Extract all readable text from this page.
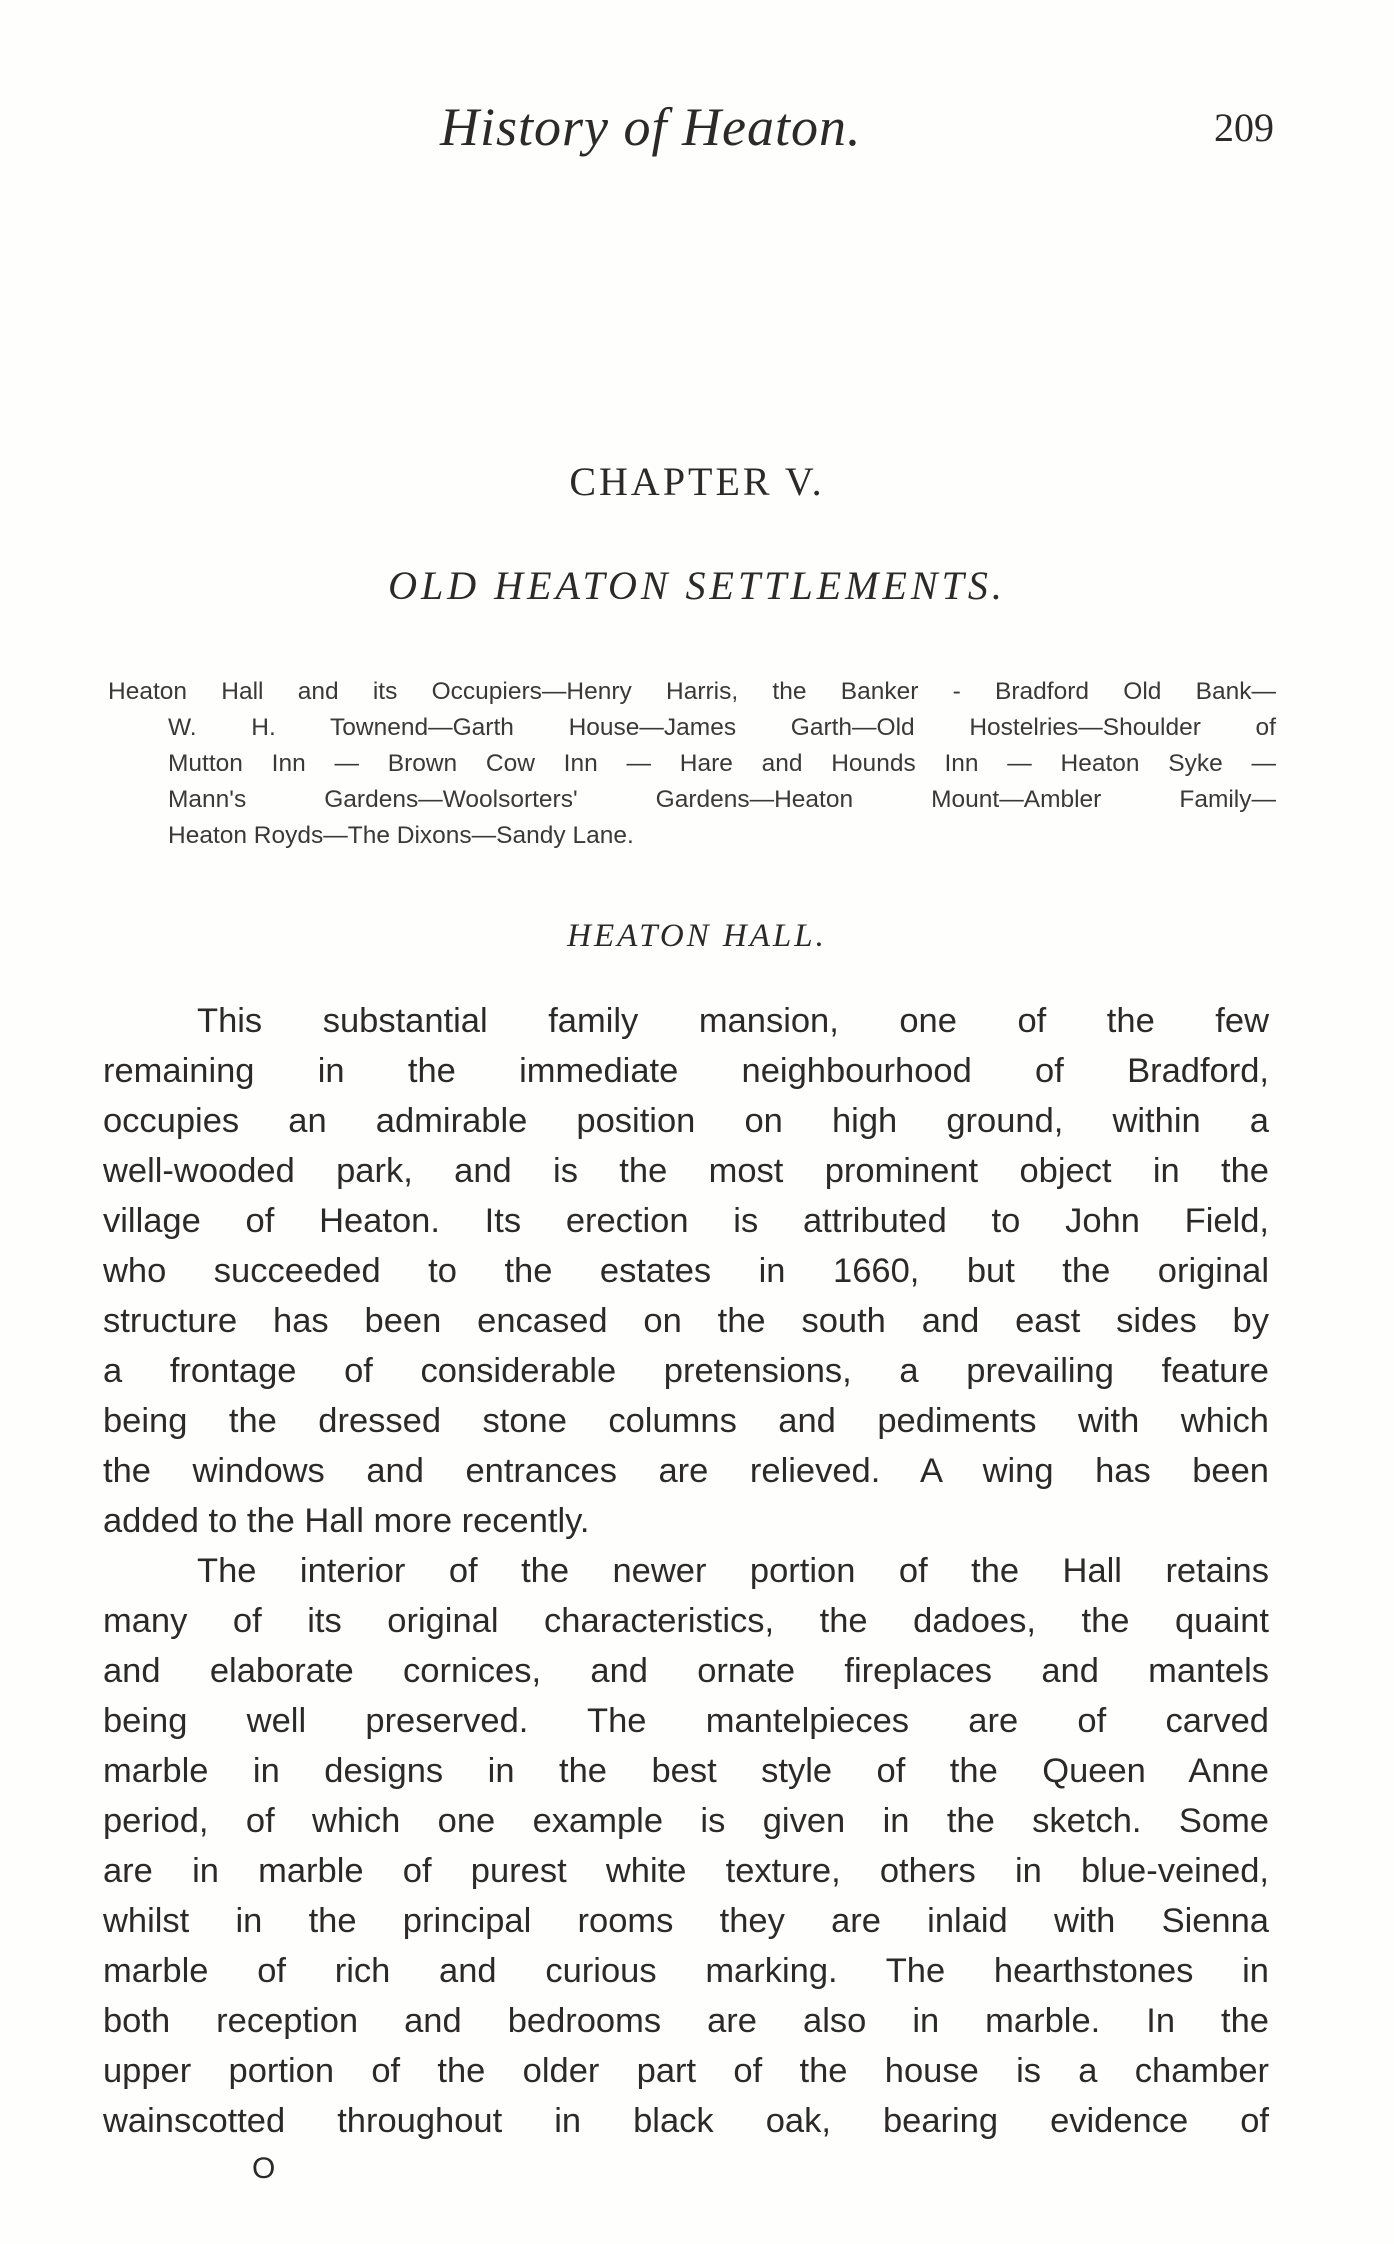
History of Heaton.	209
CHAPTER V.
OLD HEATON SETTLEMENTS.
Heaton Hall and its Occupiers—Henry Harris, the Banker - Bradford Old Bank—
W. H. Townend—Garth House—James Garth—Old Hostelries—Shoulder of
Mutton Inn — Brown Cow Inn — Hare and Hounds Inn — Heaton Syke —
Mann's Gardens—Woolsorters' Gardens—Heaton Mount—Ambler Family—
Heaton Royds—The Dixons—Sandy Lane.
HEATON HALL.
This substantial family mansion, one of the few
remaining in the immediate neighbourhood of Bradford,
occupies an admirable position on high ground, within a
well-wooded park, and is the most prominent object in the
village of Heaton. Its erection is attributed to John Field,
who succeeded to the estates in 1660, but the original
structure has been encased on the south and east sides by
a frontage of considerable pretensions, a prevailing feature
being the dressed stone columns and pediments with which
the windows and entrances are relieved. A wing has been
added to the Hall more recently.
The interior of the newer portion of the Hall retains
many of its original characteristics, the dadoes, the quaint
and elaborate cornices, and ornate fireplaces and mantels
being well preserved. The mantelpieces are of carved
marble in designs in the best style of the Queen Anne
period, of which one example is given in the sketch. Some
are in marble of purest white texture, others in blue-veined,
whilst in the principal rooms they are inlaid with Sienna
marble of rich and curious marking. The hearthstones in
both reception and bedrooms are also in marble. In the
upper portion of the older part of the house is a chamber
wainscotted throughout in black oak, bearing evidence of
O
